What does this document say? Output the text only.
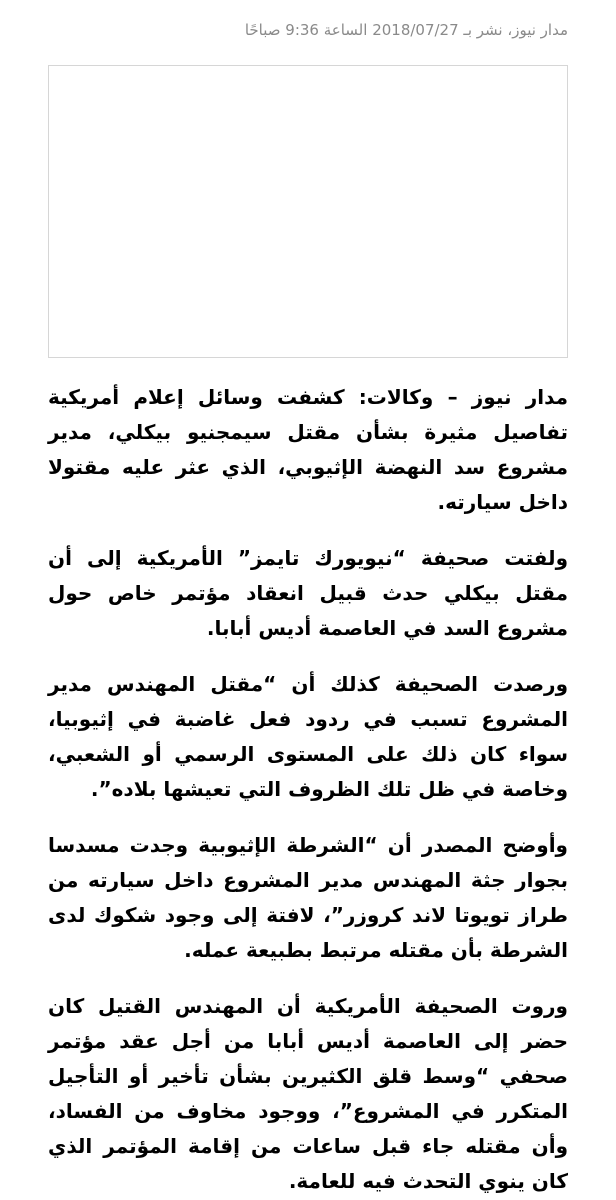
مدار نيوز، نشر بـ 2018/07/27 الساعة 9:36 صباحًا

مدار نيوز – وكالات: كشفت وسائل إعلام أمريكية تفاصيل مثيرة بشأن مقتل سيمجنيو بيكلي، مدير مشروع سد النهضة الإثيوبي، الذي عثر عليه مقتولا داخل سيارته.

ولفتت صحيفة “نيويورك تايمز” الأمريكية إلى أن مقتل بيكلي حدث قبيل انعقاد مؤتمر خاص حول مشروع السد في العاصمة أديس أبابا.

ورصدت الصحيفة كذلك أن “مقتل المهندس مدير المشروع تسبب في ردود فعل غاضبة في إثيوبيا، سواء كان ذلك على المستوى الرسمي أو الشعبي، وخاصة في ظل تلك الظروف التي تعيشها بلاده”.

وأوضح المصدر أن “الشرطة الإثيوبية وجدت مسدسا بجوار جثة المهندس مدير المشروع داخل سيارته من طراز تويوتا لاند كروزر”، لافتة إلى وجود شكوك لدى الشرطة بأن مقتله مرتبط بطبيعة عمله.

وروت الصحيفة الأمريكية أن المهندس القتيل كان حضر إلى العاصمة أديس أبابا من أجل عقد مؤتمر صحفي “وسط قلق الكثيرين بشأن تأخير أو التأجيل المتكرر في المشروع”، ووجود مخاوف من الفساد، وأن مقتله جاء قبل ساعات من إقامة المؤتمر الذي كان ينوي التحدث فيه للعامة.
